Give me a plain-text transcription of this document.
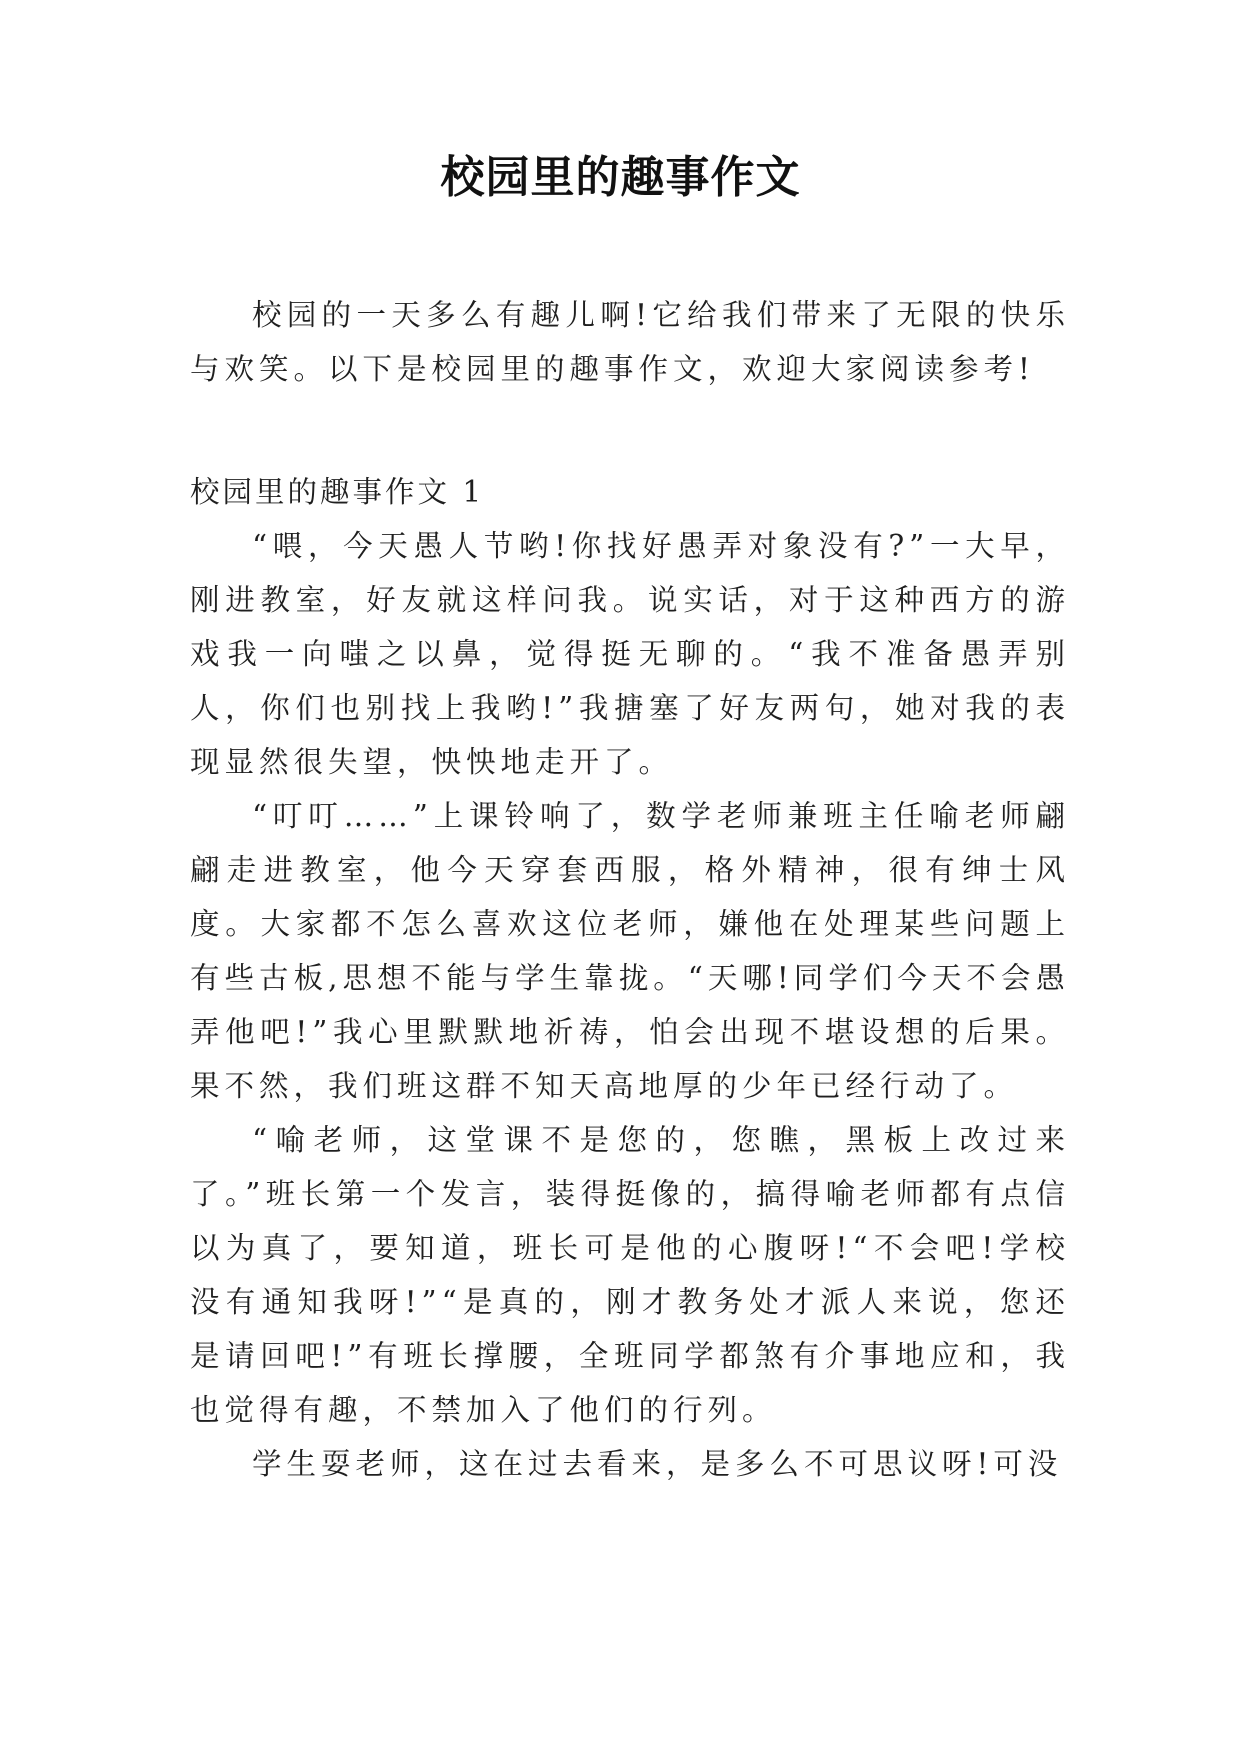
校园里的趣事作文

校园的一天多么有趣儿啊!它给我们带来了无限的快乐与欢笑。以下是校园里的趣事作文，欢迎大家阅读参考!

校园里的趣事作文 1

“喂，今天愚人节哟!你找好愚弄对象没有?”一大早，刚进教室，好友就这样问我。说实话，对于这种西方的游戏我一向嗤之以鼻，觉得挺无聊的。“我不准备愚弄别人，你们也别找上我哟!”我搪塞了好友两句，她对我的表现显然很失望，怏怏地走开了。

“叮叮……”上课铃响了，数学老师兼班主任喻老师翩翩走进教室，他今天穿套西服，格外精神，很有绅士风度。大家都不怎么喜欢这位老师，嫌他在处理某些问题上有些古板,思想不能与学生靠拢。“天哪!同学们今天不会愚弄他吧!”我心里默默地祈祷，怕会出现不堪设想的后果。果不然，我们班这群不知天高地厚的少年已经行动了。

“喻老师，这堂课不是您的，您瞧，黑板上改过来了。”班长第一个发言，装得挺像的，搞得喻老师都有点信以为真了，要知道，班长可是他的心腹呀!“不会吧!学校没有通知我呀!”“是真的，刚才教务处才派人来说，您还是请回吧!”有班长撑腰，全班同学都煞有介事地应和，我也觉得有趣，不禁加入了他们的行列。

学生耍老师，这在过去看来，是多么不可思议呀!可没
